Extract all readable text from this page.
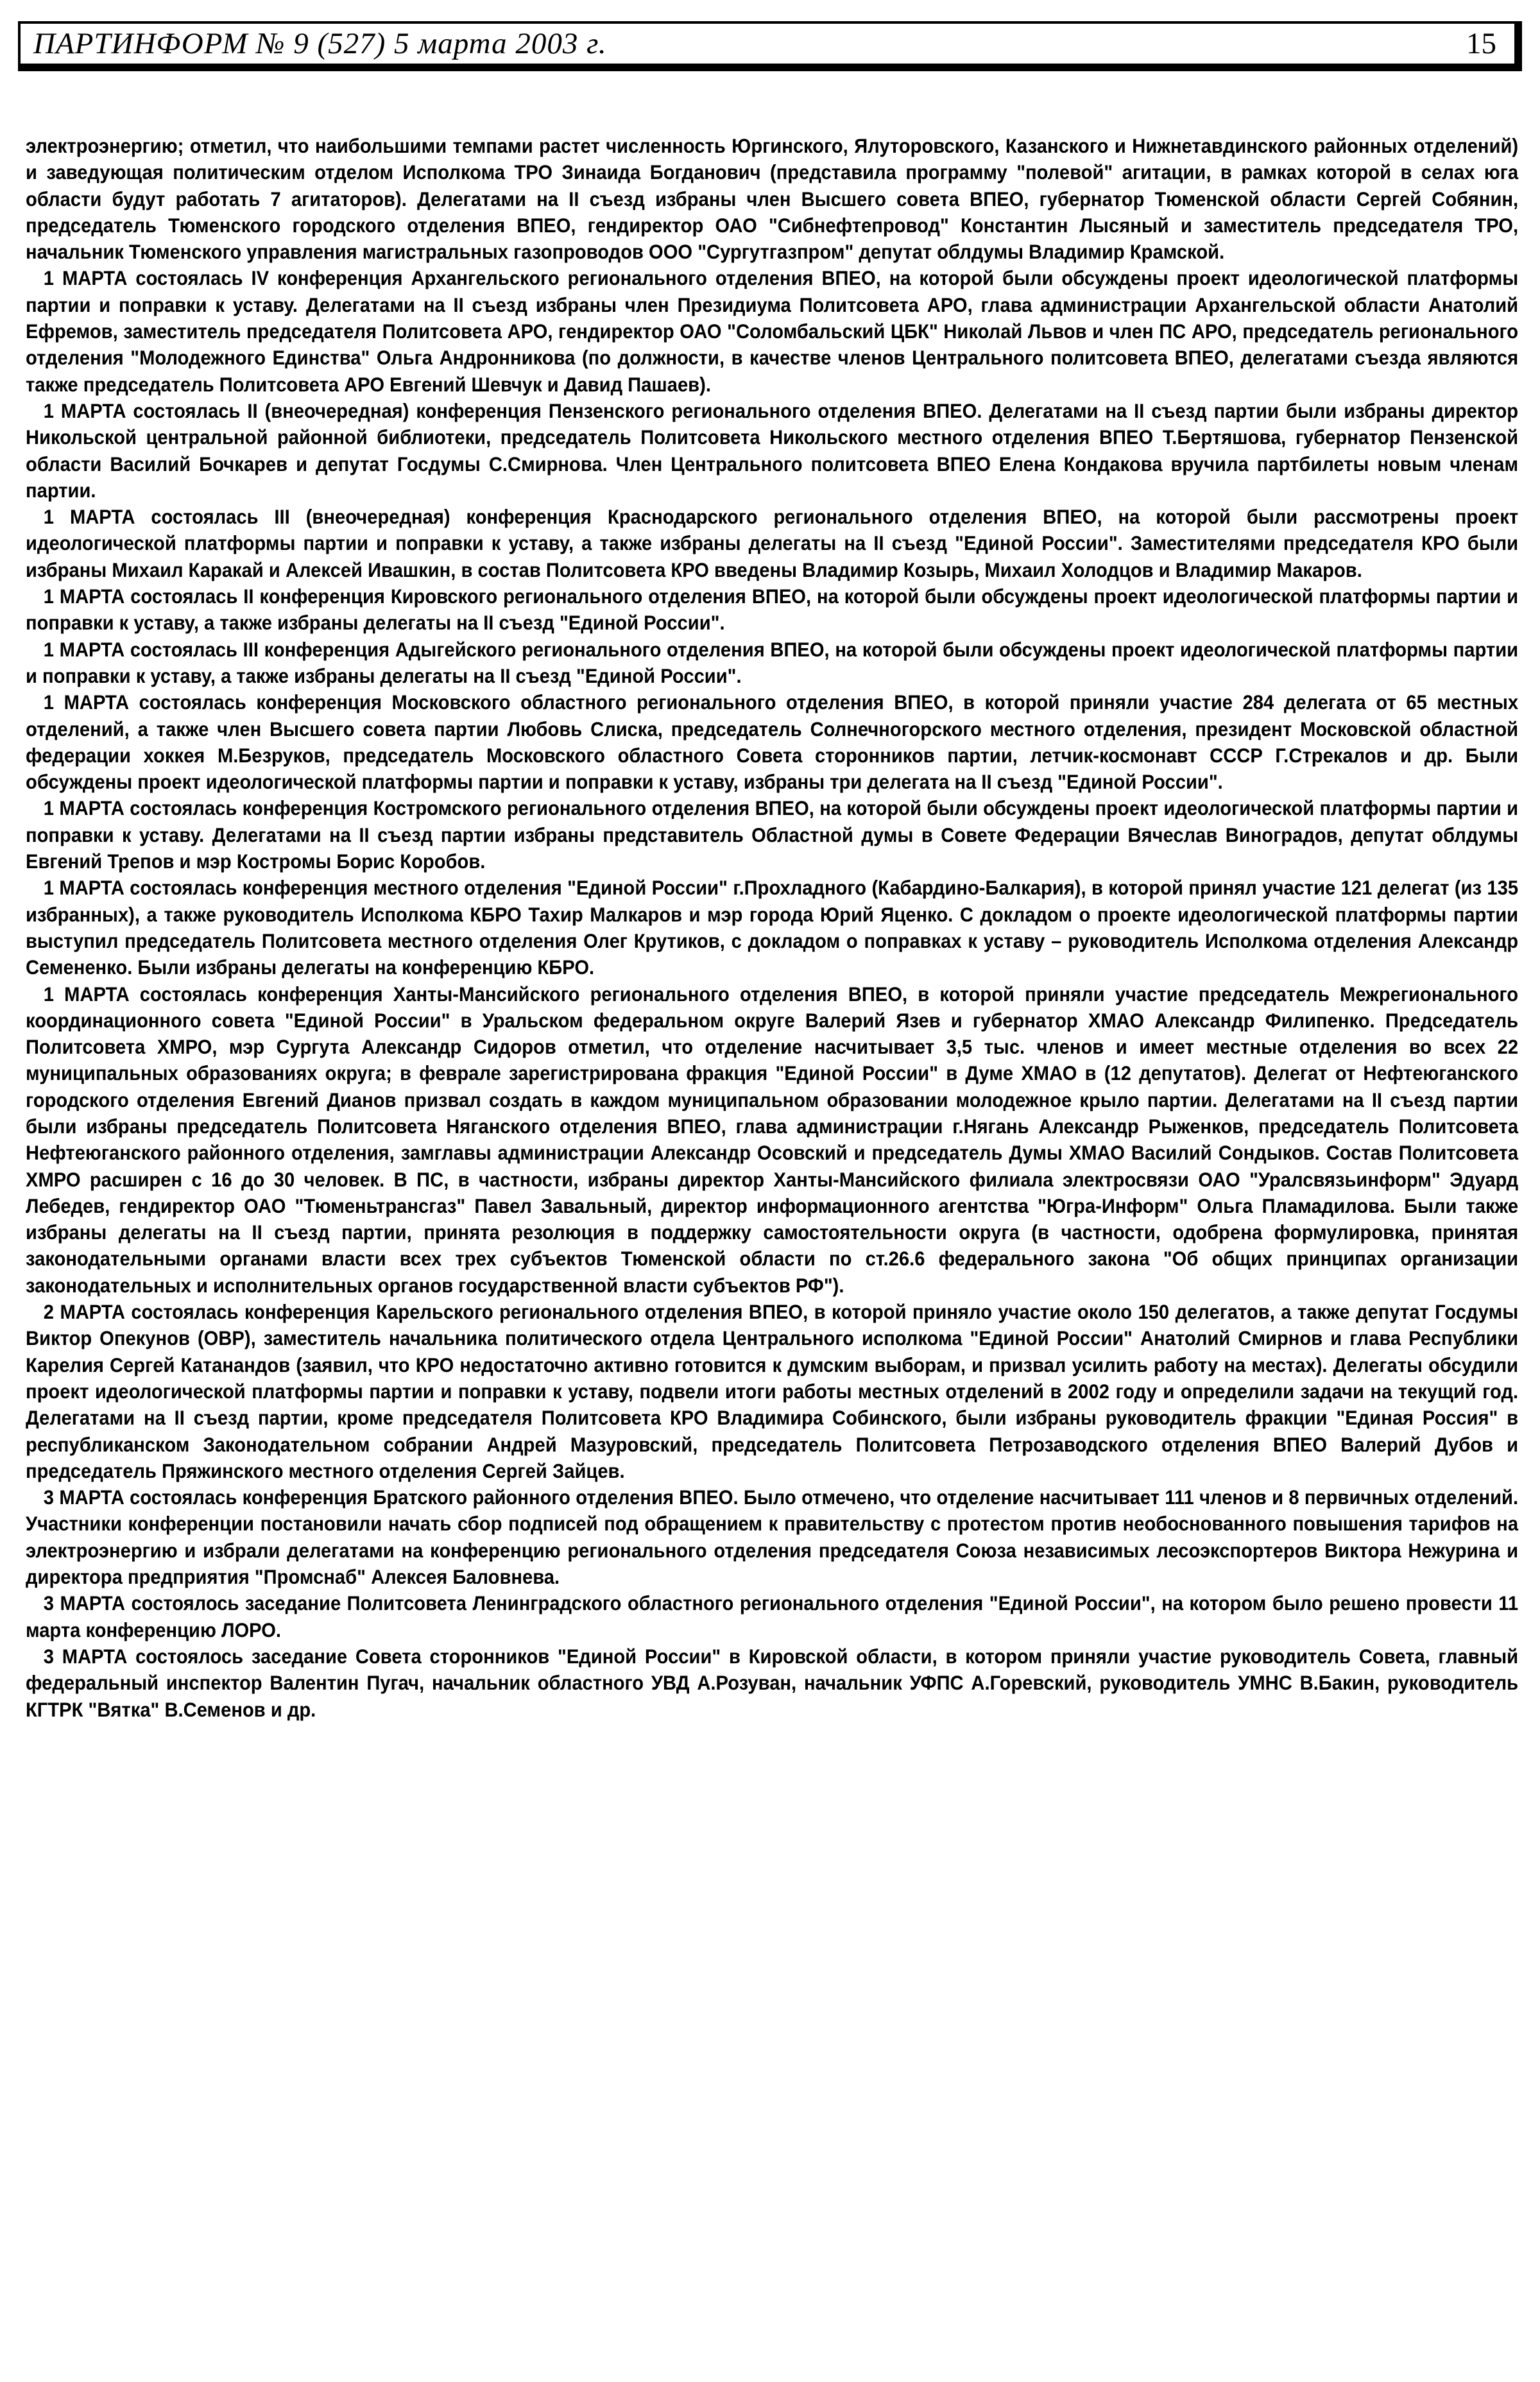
ПАРТИНФОРМ № 9 (527) 5 марта 2003 г.	15

электроэнергию; отметил, что наибольшими темпами растет численность Юргинского, Ялуторовского, Казанского и Нижнетавдинского районных отделений) и заведующая политическим отделом Исполкома ТРО Зинаида Богданович (представила программу "полевой" агитации, в рамках которой в селах юга области будут работать 7 агитаторов). Делегатами на II съезд избраны член Высшего совета ВПЕО, губернатор Тюменской области Сергей Собянин, председатель Тюменского городского отделения ВПЕО, гендиректор ОАО "Сибнефтепровод" Константин Лысяный и заместитель председателя ТРО, начальник Тюменского управления магистральных газопроводов ООО "Сургутгазпром" депутат облдумы Владимир Крамской.

1 МАРТА состоялась IV конференция Архангельского регионального отделения ВПЕО, на которой были обсуждены проект идеологической платформы партии и поправки к уставу. Делегатами на II съезд избраны член Президиума Политсовета АРО, глава администрации Архангельской области Анатолий Ефремов, заместитель председателя Политсовета АРО, гендиректор ОАО "Соломбальский ЦБК" Николай Львов и член ПС АРО, председатель регионального отделения "Молодежного Единства" Ольга Андронникова (по должности, в качестве членов Центрального политсовета ВПЕО, делегатами съезда являются также председатель Политсовета АРО Евгений Шевчук и Давид Пашаев).

1 МАРТА состоялась II (внеочередная) конференция Пензенского регионального отделения ВПЕО. Делегатами на II съезд партии были избраны директор Никольской центральной районной библиотеки, председатель Политсовета Никольского местного отделения ВПЕО Т.Бертяшова, губернатор Пензенской области Василий Бочкарев и депутат Госдумы С.Смирнова. Член Центрального политсовета ВПЕО Елена Кондакова вручила партбилеты новым членам партии.

1 МАРТА состоялась III (внеочередная) конференция Краснодарского регионального отделения ВПЕО, на которой были рассмотрены проект идеологической платформы партии и поправки к уставу, а также избраны делегаты на II съезд "Единой России". Заместителями председателя КРО были избраны Михаил Каракай и Алексей Ивашкин, в состав Политсовета КРО введены Владимир Козырь, Михаил Холодцов и Владимир Макаров.

1 МАРТА состоялась II конференция Кировского регионального отделения ВПЕО, на которой были обсуждены проект идеологической платформы партии и поправки к уставу, а также избраны делегаты на II съезд "Единой России".

1 МАРТА состоялась III конференция Адыгейского регионального отделения ВПЕО, на которой были обсуждены проект идеологической платформы партии и поправки к уставу, а также избраны делегаты на II съезд "Единой России".

1 МАРТА состоялась конференция Московского областного регионального отделения ВПЕО, в которой приняли участие 284 делегата от 65 местных отделений, а также член Высшего совета партии Любовь Слиска, председатель Солнечногорского местного отделения, президент Московской областной федерации хоккея М.Безруков, председатель Московского областного Совета сторонников партии, летчик-космонавт СССР Г.Стрекалов и др. Были обсуждены проект идеологической платформы партии и поправки к уставу, избраны три делегата на II съезд "Единой России".

1 МАРТА состоялась конференция Костромского регионального отделения ВПЕО, на которой были обсуждены проект идеологической платформы партии и поправки к уставу. Делегатами на II съезд партии избраны представитель Областной думы в Совете Федерации Вячеслав Виноградов, депутат облдумы Евгений Трепов и мэр Костромы Борис Коробов.

1 МАРТА состоялась конференция местного отделения "Единой России" г.Прохладного (Кабардино-Балкария), в которой принял участие 121 делегат (из 135 избранных), а также руководитель Исполкома КБРО Тахир Малкаров и мэр города Юрий Яценко. С докладом о проекте идеологической платформы партии выступил председатель Политсовета местного отделения Олег Крутиков, с докладом о поправках к уставу – руководитель Исполкома отделения Александр Семененко. Были избраны делегаты на конференцию КБРО.

1 МАРТА состоялась конференция Ханты-Мансийского регионального отделения ВПЕО, в которой приняли участие председатель Межрегионального координационного совета "Единой России" в Уральском федеральном округе Валерий Язев и губернатор ХМАО Александр Филипенко. Председатель Политсовета ХМРО, мэр Сургута Александр Сидоров отметил, что отделение насчитывает 3,5 тыс. членов и имеет местные отделения во всех 22 муниципальных образованиях округа; в феврале зарегистрирована фракция "Единой России" в Думе ХМАО в (12 депутатов). Делегат от Нефтеюганского городского отделения Евгений Дианов призвал создать в каждом муниципальном образовании молодежное крыло партии. Делегатами на II съезд партии были избраны председатель Политсовета Няганского отделения ВПЕО, глава администрации г.Нягань Александр Рыженков, председатель Политсовета Нефтеюганского районного отделения, замглавы администрации Александр Осовский и председатель Думы ХМАО Василий Сондыков. Состав Политсовета ХМРО расширен с 16 до 30 человек. В ПС, в частности, избраны директор Ханты-Мансийского филиала электросвязи ОАО "Уралсвязьинформ" Эдуард Лебедев, гендиректор ОАО "Тюменьтрансгаз" Павел Завальный, директор информационного агентства "Югра-Информ" Ольга Пламадилова. Были также избраны делегаты на II съезд партии, принята резолюция в поддержку самостоятельности округа (в частности, одобрена формулировка, принятая законодательными органами власти всех трех субъектов Тюменской области по ст.26.6 федерального закона "Об общих принципах организации законодательных и исполнительных органов государственной власти субъектов РФ").

2 МАРТА состоялась конференция Карельского регионального отделения ВПЕО, в которой приняло участие около 150 делегатов, а также депутат Госдумы Виктор Опекунов (ОВР), заместитель начальника политического отдела Центрального исполкома "Единой России" Анатолий Смирнов и глава Республики Карелия Сергей Катанандов (заявил, что КРО недостаточно активно готовится к думским выборам, и призвал усилить работу на местах). Делегаты обсудили проект идеологической платформы партии и поправки к уставу, подвели итоги работы местных отделений в 2002 году и определили задачи на текущий год. Делегатами на II съезд партии, кроме председателя Политсовета КРО Владимира Собинского, были избраны руководитель фракции "Единая Россия" в республиканском Законодательном собрании Андрей Мазуровский, председатель Политсовета Петрозаводского отделения ВПЕО Валерий Дубов и председатель Пряжинского местного отделения Сергей Зайцев.

3 МАРТА состоялась конференция Братского районного отделения ВПЕО. Было отмечено, что отделение насчитывает 111 членов и 8 первичных отделений. Участники конференции постановили начать сбор подписей под обращением к правительству с протестом против необоснованного повышения тарифов на электроэнергию и избрали делегатами на конференцию регионального отделения председателя Союза независимых лесоэкспортеров Виктора Нежурина и директора предприятия "Промснаб" Алексея Баловнева.

3 МАРТА состоялось заседание Политсовета Ленинградского областного регионального отделения "Единой России", на котором было решено провести 11 марта конференцию ЛОРО.

3 МАРТА состоялось заседание Совета сторонников "Единой России" в Кировской области, в котором приняли участие руководитель Совета, главный федеральный инспектор Валентин Пугач, начальник областного УВД А.Розуван, начальник УФПС А.Горевский, руководитель УМНС В.Бакин, руководитель КГТРК "Вятка" В.Семенов и др.
